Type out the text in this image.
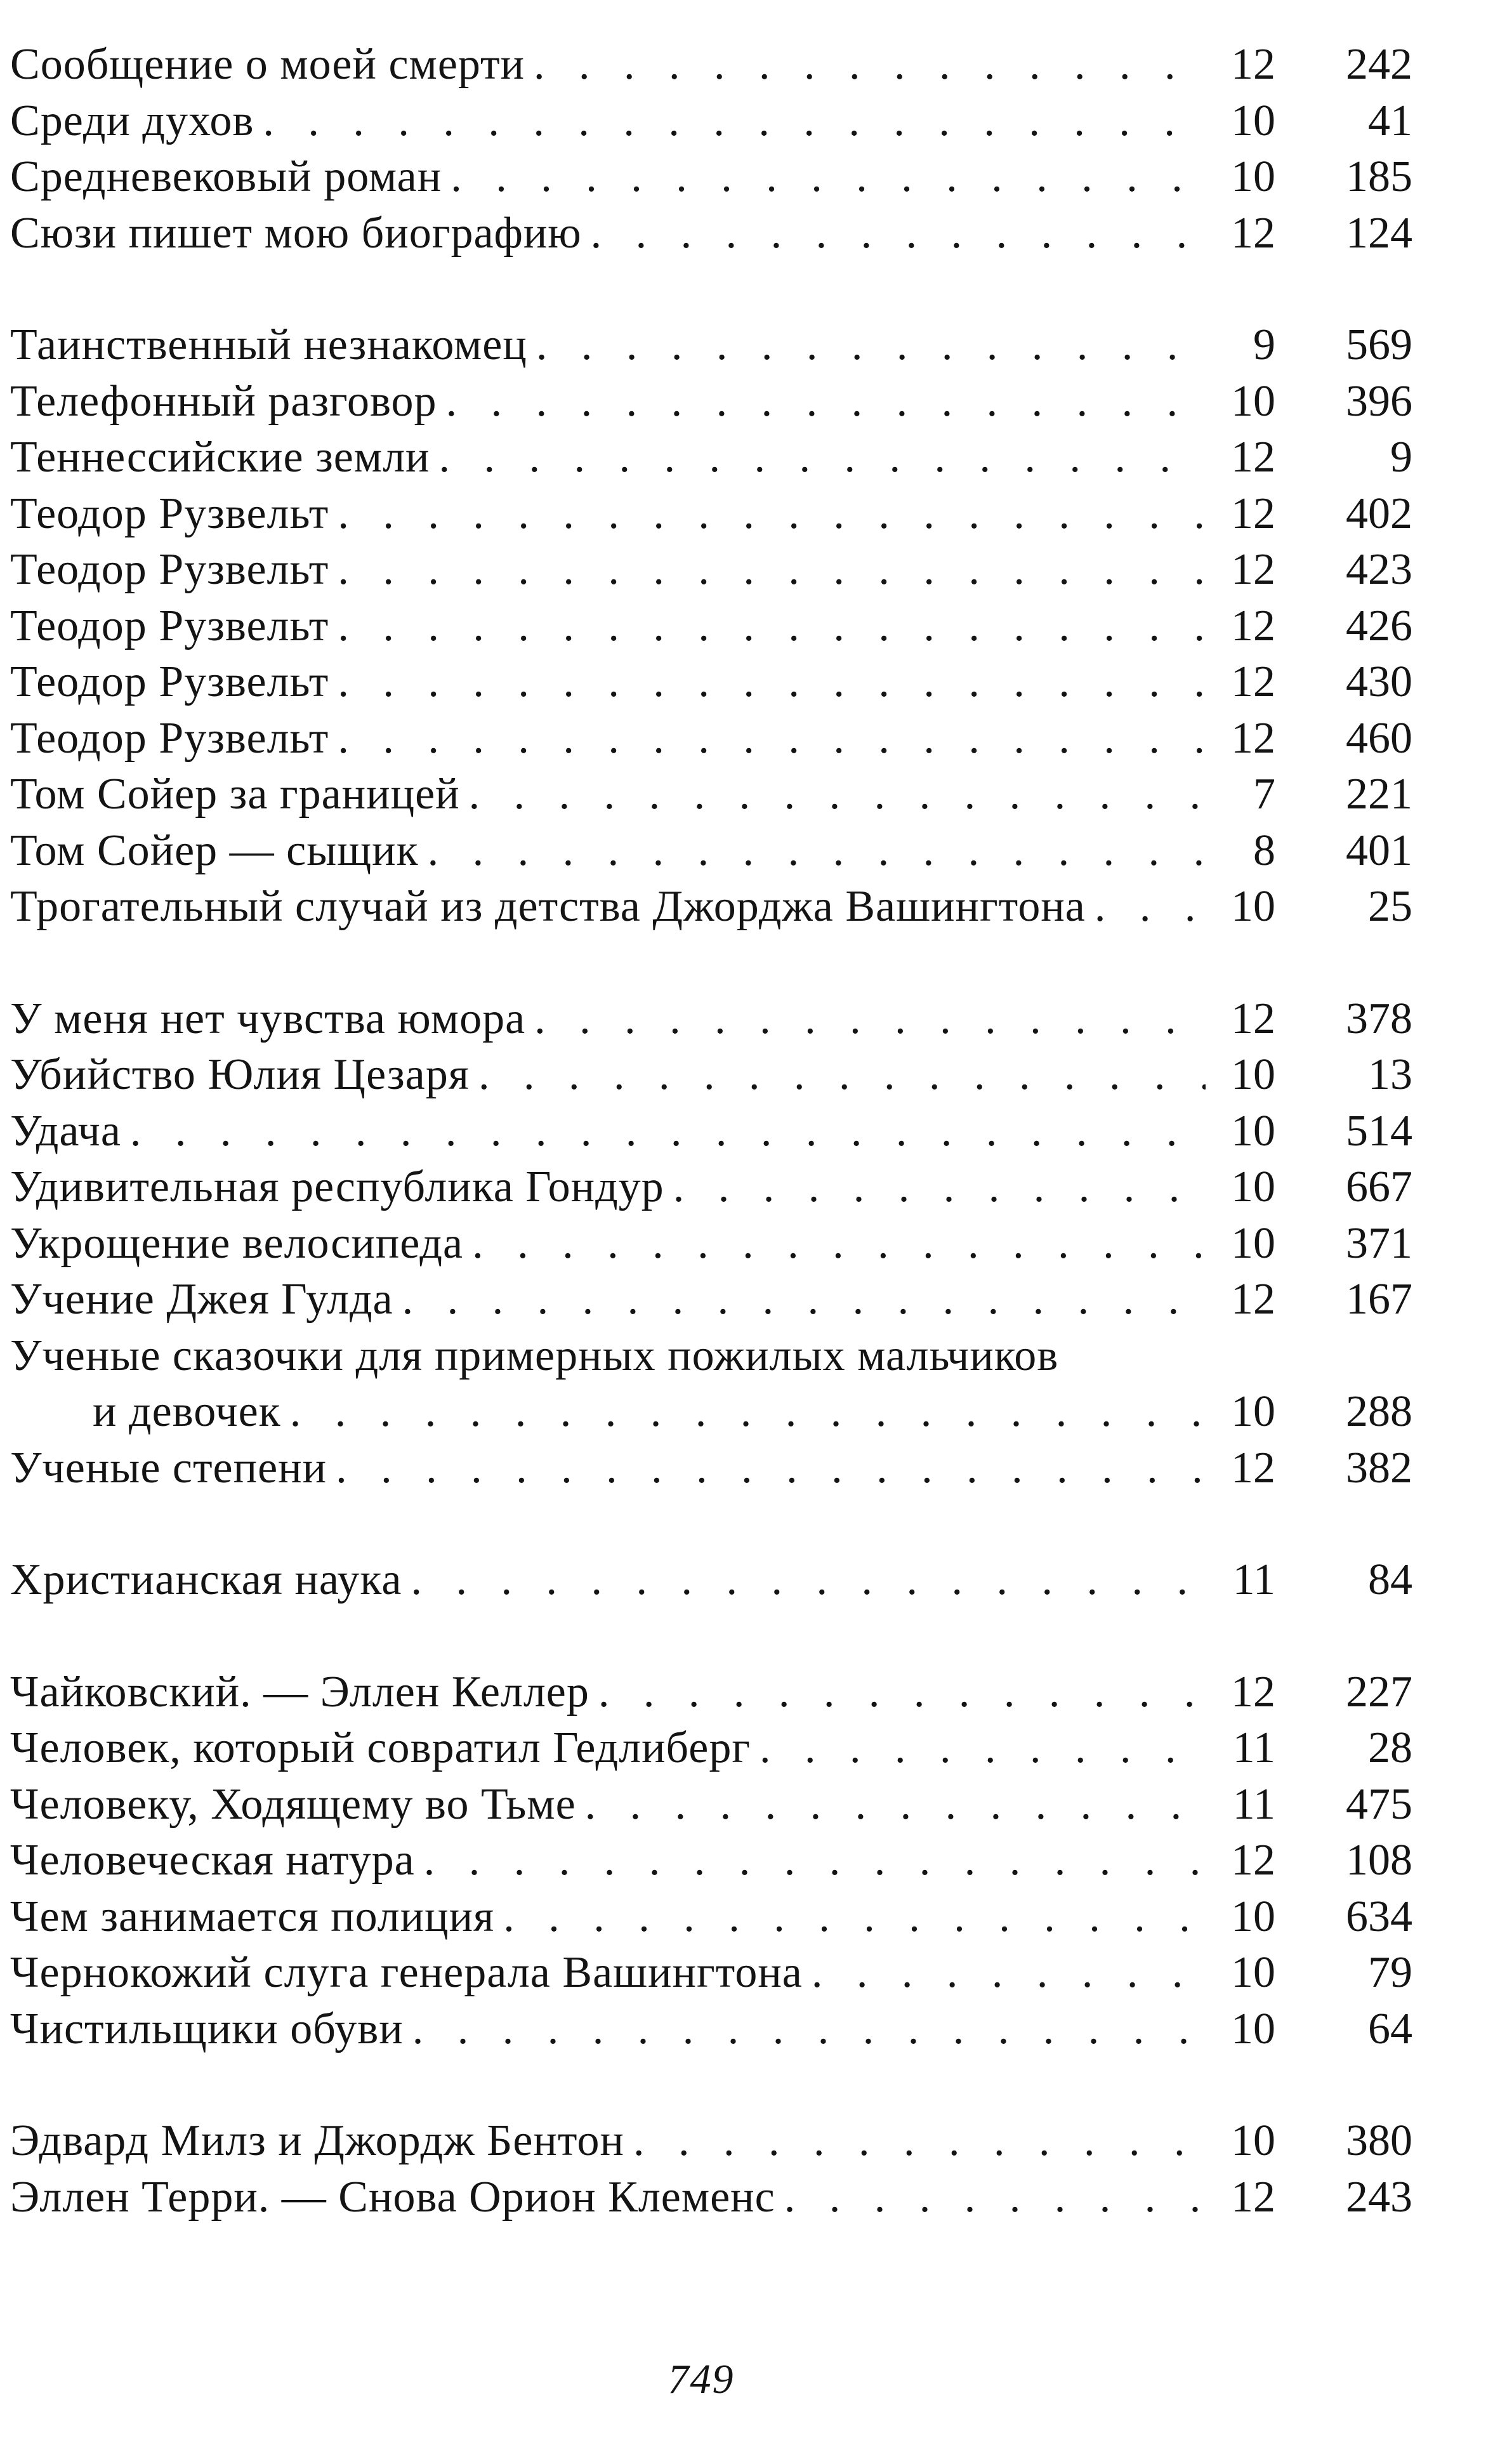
Сообщение о моей смерти . . .	12	242
Среди духов . . .	10	41
Средневековый роман . . .	10	185
Сюзи пишет мою биографию . . .	12	124
Таинственный незнакомец . . .	9	569
Телефонный разговор . . .	10	396
Теннессийские земли . . .	12	9
Теодор Рузвельт . . .	12	402
Теодор Рузвельт . . .	12	423
Теодор Рузвельт . . .	12	426
Теодор Рузвельт . . .	12	430
Теодор Рузвельт . . .	12	460
Том Сойер за границей . . .	7	221
Том Сойер — сыщик . . .	8	401
Трогательный случай из детства Джорджа Вашингтона . . .	10	25
У меня нет чувства юмора . . .	12	378
Убийство Юлия Цезаря . . .	10	13
Удача . . .	10	514
Удивительная республика Гондур . . .	10	667
Укрощение велосипеда . . .	10	371
Учение Джея Гулда . . .	12	167
Ученые сказочки для примерных пожилых мальчиков
и девочек . . .	10	288
Ученые степени . . .	12	382
Христианская наука . . .	11	84
Чайковский. — Эллен Келлер . . .	12	227
Человек, который совратил Гедлиберг . . .	11	28
Человеку, Ходящему во Тьме . . .	11	475
Человеческая натура . . .	12	108
Чем занимается полиция . . .	10	634
Чернокожий слуга генерала Вашингтона . . .	10	79
Чистильщики обуви . . .	10	64
Эдвард Милз и Джордж Бентон . . .	10	380
Эллен Терри. — Снова Орион Клеменс . . .	12	243
749
